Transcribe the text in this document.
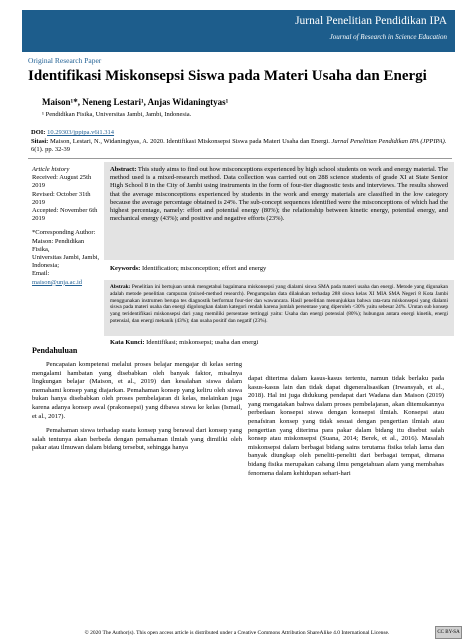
Jurnal Penelitian Pendidikan IPA
Journal of Research in Science Education
Original Research Paper
Identifikasi Miskonsepsi Siswa pada Materi Usaha dan Energi
Maison¹*, Neneng Lestari¹, Anjas Widaningtyas¹
¹ Pendidikan Fisika, Universitas Jambi, Jambi, Indonesia.
DOI: 10.29303/jppipa.v6i1.314
Sitasi: Maison, Lestari, N., Widaningtyas, A. 2020. Identifikasi Miskonsepsi Siswa pada Materi Usaha dan Energi. Jurnal Penelitian Pendidikan IPA (JPPIPA). 6(1). pp. 32-39
Article history
Received: August 25th 2019
Revised: October 31th 2019
Accepted: November 6th 2019
*Corresponding Author:
Maison: Pendidikan Fisika,
Universitas Jambi, Jambi,
Indonesia;
Email: maison@unja.ac.id
Abstract: This study aims to find out how misconceptions experienced by high school students on work and energy material. The method used is a mixed-research method. Data collection was carried out on 288 science students of grade XI at State Senior High School 8 in the City of Jambi using instruments in the form of four-tier diagnostic tests and interviews. The results showed that the average misconceptions experienced by students in the work and energy materials are classified in the low category because the average percentage obtained is 24%. The sub-concept sequences identified were the misconceptions of which had the highest percentage, namely: effort and potential energy (80%); the relationship between kinetic energy, potential energy, and mechanical energy (43%); and positive and negative efforts (23%).
Keywords: Identification; misconception; effort and energy
Abstrak: Penelitian ini bertujuan untuk mengetahui bagaimana miskonsepsi yang dialami siswa SMA pada materi usaha dan energi. Metode yang digunakan adalah metode penelitian campuran (mixed-method research). Pengumpulan data dilakukan terhadap 288 siswa kelas XI MIA SMA Negeri 8 Kota Jambi menggunakan instrumen berupa tes diagnostik berformat four-tier dan wawancara. Hasil penelitian menunjukkan bahwa rata-rata miskonsepsi yang dialami siswa pada materi usaha dan energi digolongkan dalam kategori rendah karena jumlah persentase yang diperoleh <30% yaitu sebesar 24%. Urutan sub konsep yang teridentifikasi miskonsepsi dari yang memiliki persentase tertinggi yaitu: Usaha dan energi potensial (80%); hubungan antara energi kinetik, energi potensial, dan energi mekanik (43%); dan usaha positif dan negatif (23%).
Kata Kunci: Identifikasi; miskonsepsi; usaha dan energi
Pendahuluan

Pencapaian kompetensi melalui proses belajar mengajar di kelas sering mengalami hambatan yang disebabkan oleh banyak faktor, misalnya lingkungan belajar (Maison, et al., 2019) dan kesalahan siswa dalam memahami konsep yang diajarkan. Pemahaman konsep yang keliru oleh siswa bukan hanya disebabkan oleh proses pembelajaran di kelas, melainkan juga karena adanya konsep awal (prakonsepsi) yang dibawa siswa ke kelas (Ismail, et al., 2017).

Pemahaman siswa terhadap suatu konsep yang berawal dari konsep yang salah tentunya akan berbeda dengan pemahaman ilmiah yang dimiliki oleh pakar atau ilmuwan dalam bidang tersebut, sehingga hanya

dapat diterima dalam kasus-kasus tertentu, namun tidak berlaku pada kasus-kasus lain dan tidak dapat digeneralisasikan (Irwansyah, et al., 2018). Hal ini juga didukung pendapat dari Wadana dan Maison (2019) yang mengatakan bahwa dalam proses pembelajaran, akan ditemukannya perbedaan konsepsi siswa dengan konsepsi ilmiah. Konsepsi atau penafsiran konsep yang tidak sesuai dengan pengertian ilmiah atau pengertian yang diterima para pakar dalam bidang itu disebut salah konsep atau miskonsepsi (Suana, 2014; Berek, et al., 2016). Masalah miskonsepsi dalam berbagai bidang sains terutama fisika telah lama dan banyak diungkap oleh peneliti-peneliti dari berbagai tempat, dimana bidang fisika merupakan cabang ilmu pengetahuan alam yang membahas fenomena dalam kehidupan sehari-hari

© 2020 The Author(s). This open access article is distributed under a Creative Commons Attribution ShareAlike 4.0 International License.	CC BY-SA
